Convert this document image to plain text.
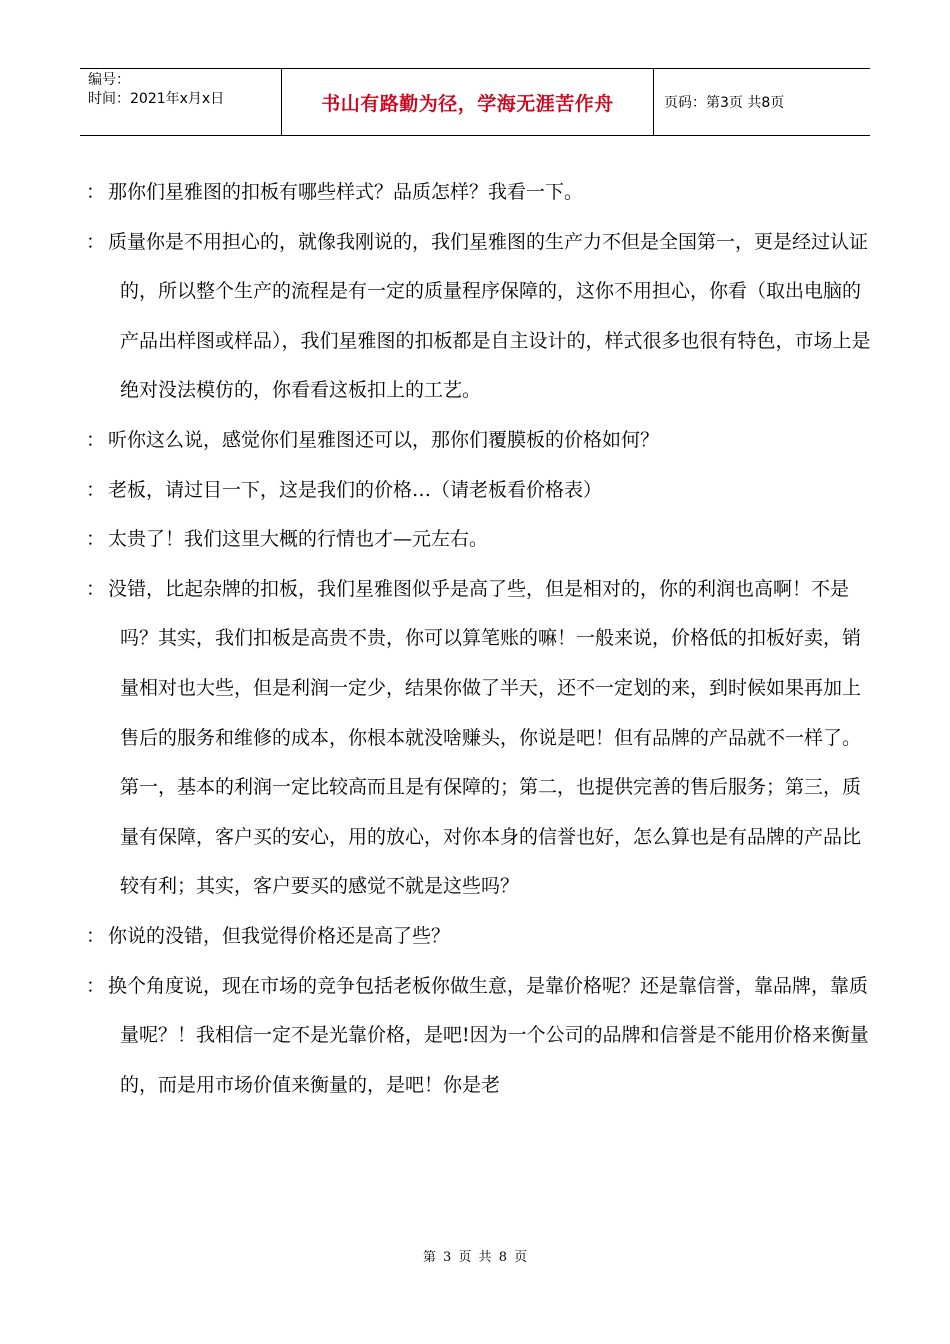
编号：
时间：2021年x月x日	书山有路勤为径，学海无涯苦作舟	页码：第3页 共8页

： 那你们星雅图的扣板有哪些样式？品质怎样？我看一下。

： 质量你是不用担心的，就像我刚说的，我们星雅图的生产力不但是全国第一，更是经过认证的，所以整个生产的流程是有一定的质量程序保障的，这你不用担心，你看（取出电脑的产品出样图或样品），我们星雅图的扣板都是自主设计的，样式很多也很有特色，市场上是绝对没法模仿的，你看看这板扣上的工艺。

： 听你这么说，感觉你们星雅图还可以，那你们覆膜板的价格如何？

： 老板，请过目一下，这是我们的价格…（请老板看价格表）

： 太贵了！我们这里大概的行情也才—元左右。

： 没错，比起杂牌的扣板，我们星雅图似乎是高了些，但是相对的，你的利润也高啊！不是吗？其实，我们扣板是高贵不贵，你可以算笔账的嘛！一般来说，价格低的扣板好卖，销量相对也大些，但是利润一定少，结果你做了半天，还不一定划的来，到时候如果再加上售后的服务和维修的成本，你根本就没啥赚头，你说是吧！但有品牌的产品就不一样了。第一，基本的利润一定比较高而且是有保障的；第二，也提供完善的售后服务；第三，质量有保障，客户买的安心，用的放心，对你本身的信誉也好，怎么算也是有品牌的产品比较有利；其实，客户要买的感觉不就是这些吗？

： 你说的没错，但我觉得价格还是高了些？

： 换个角度说，现在市场的竞争包括老板你做生意，是靠价格呢？还是靠信誉，靠品牌，靠质量呢？！我相信一定不是光靠价格，是吧!因为一个公司的品牌和信誉是不能用价格来衡量的，而是用市场价值来衡量的，是吧！你是老

第 3 页 共 8 页
